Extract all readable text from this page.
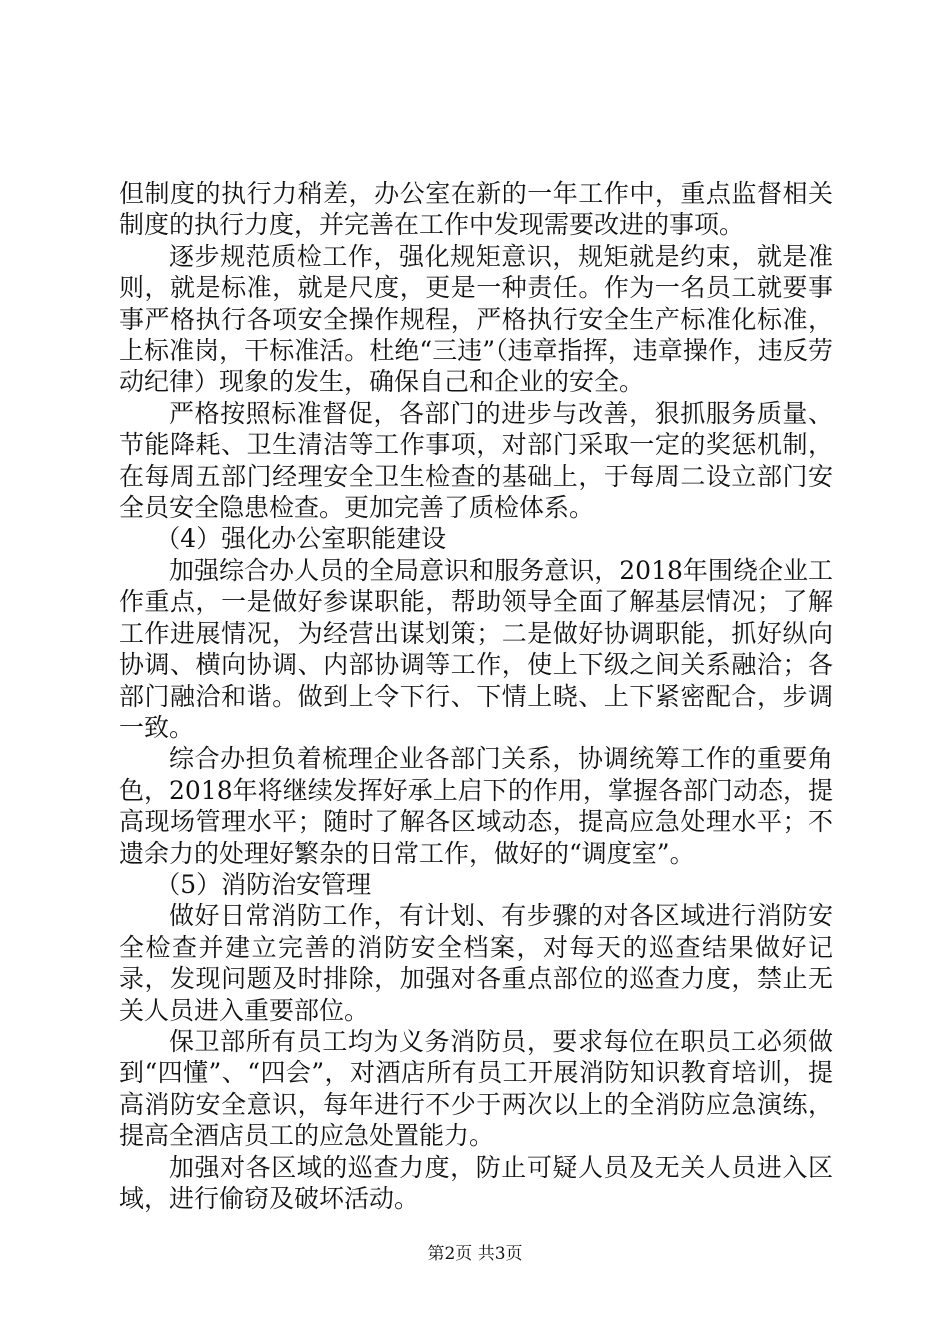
但制度的执行力稍差，办公室在新的一年工作中，重点监督相关制度的执行力度，并完善在工作中发现需要改进的事项。

逐步规范质检工作，强化规矩意识，规矩就是约束，就是准则，就是标准，就是尺度，更是一种责任。作为一名员工就要事事严格执行各项安全操作规程，严格执行安全生产标准化标准，上标准岗，干标准活。杜绝“三违”（违章指挥，违章操作，违反劳动纪律）现象的发生，确保自己和企业的安全。

严格按照标准督促，各部门的进步与改善，狠抓服务质量、节能降耗、卫生清洁等工作事项，对部门采取一定的奖惩机制，在每周五部门经理安全卫生检查的基础上，于每周二设立部门安全员安全隐患检查。更加完善了质检体系。

（4）强化办公室职能建设

加强综合办人员的全局意识和服务意识，2018年围绕企业工作重点，一是做好参谋职能，帮助领导全面了解基层情况；了解工作进展情况，为经营出谋划策；二是做好协调职能，抓好纵向协调、横向协调、内部协调等工作，使上下级之间关系融洽；各部门融洽和谐。做到上令下行、下情上晓、上下紧密配合，步调一致。

综合办担负着梳理企业各部门关系，协调统筹工作的重要角色，2018年将继续发挥好承上启下的作用，掌握各部门动态，提高现场管理水平；随时了解各区域动态，提高应急处理水平；不遗余力的处理好繁杂的日常工作，做好的“调度室”。

（5）消防治安管理

做好日常消防工作，有计划、有步骤的对各区域进行消防安全检查并建立完善的消防安全档案，对每天的巡查结果做好记录，发现问题及时排除，加强对各重点部位的巡查力度，禁止无关人员进入重要部位。

保卫部所有员工均为义务消防员，要求每位在职员工必须做到“四懂”、“四会”，对酒店所有员工开展消防知识教育培训，提高消防安全意识，每年进行不少于两次以上的全消防应急演练，提高全酒店员工的应急处置能力。

加强对各区域的巡查力度，防止可疑人员及无关人员进入区域，进行偷窃及破坏活动。

第2页 共3页
